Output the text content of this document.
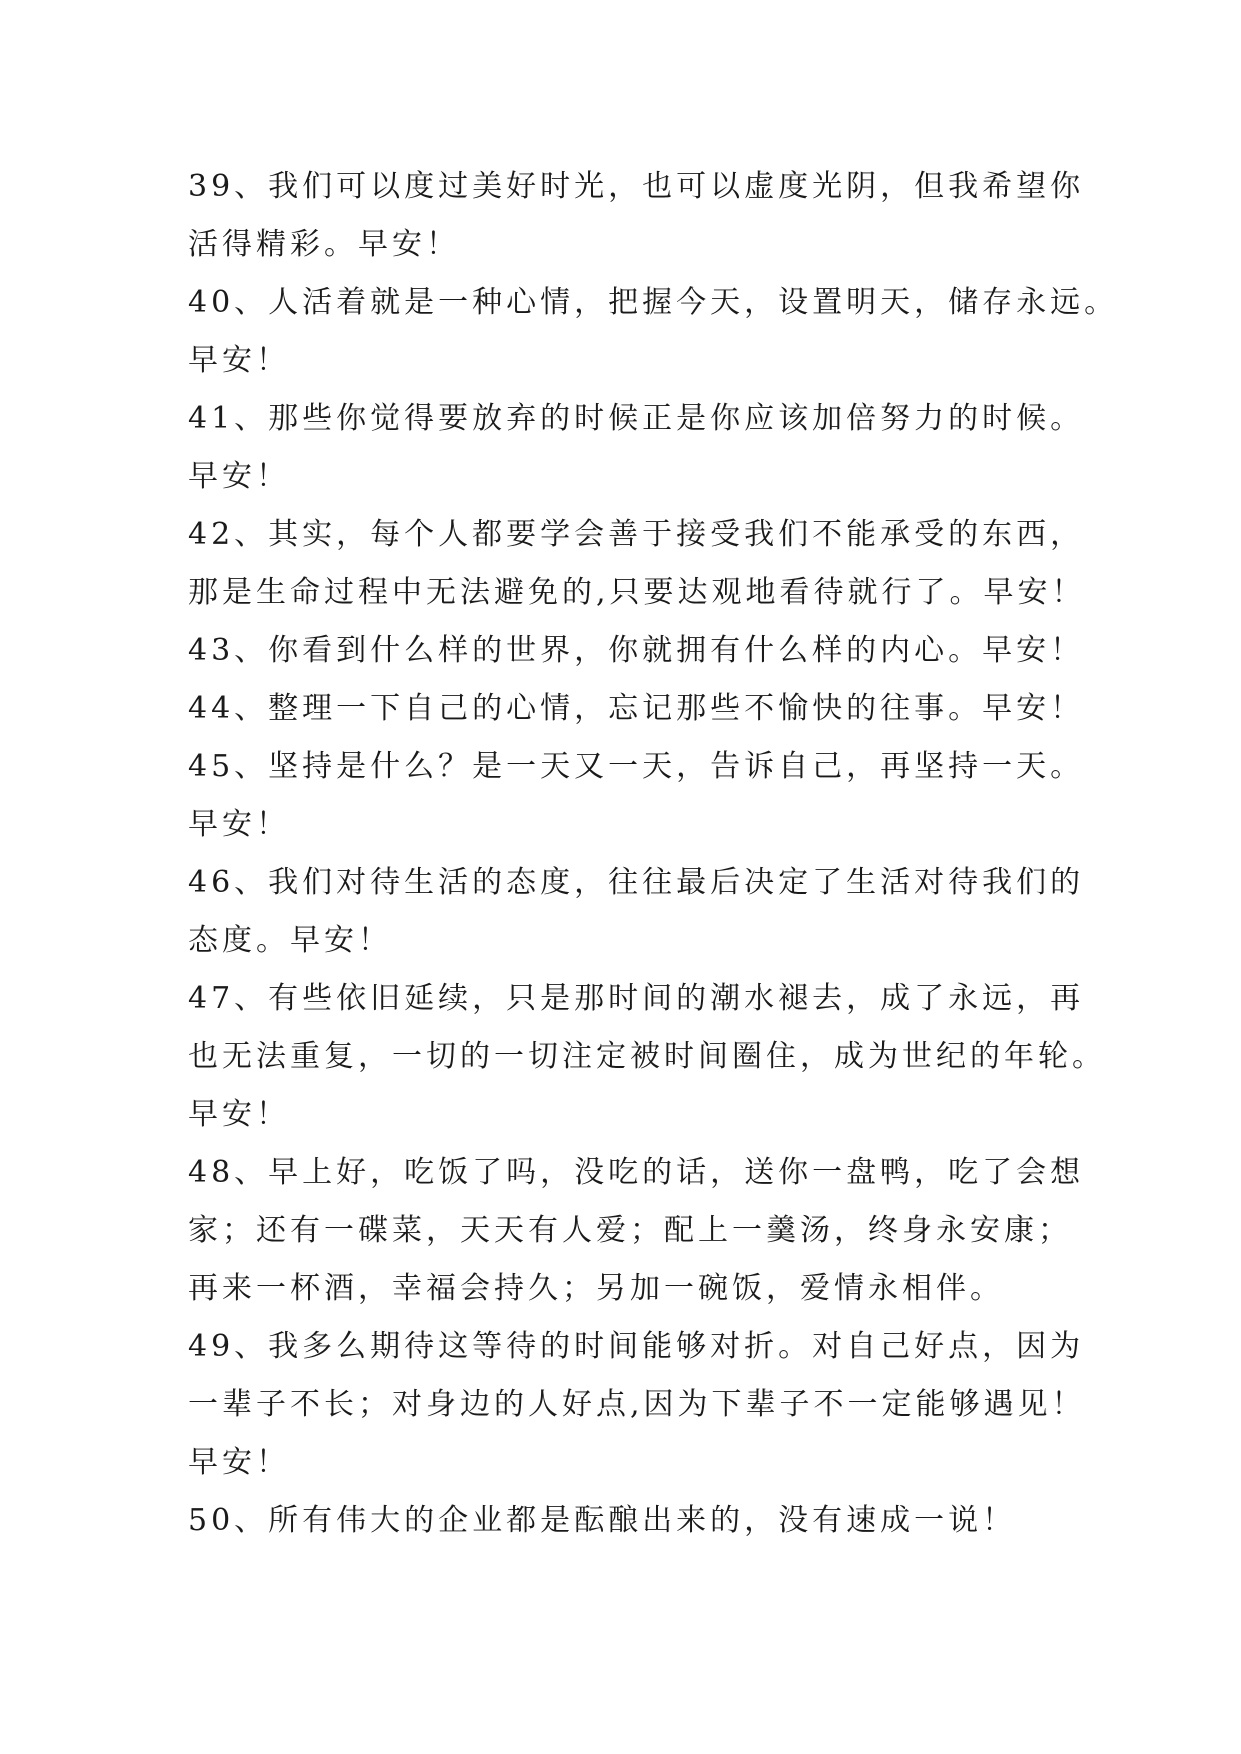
39、我们可以度过美好时光，也可以虚度光阴，但我希望你
活得精彩。早安！
40、人活着就是一种心情，把握今天，设置明天，储存永远。
早安！
41、那些你觉得要放弃的时候正是你应该加倍努力的时候。
早安！
42、其实，每个人都要学会善于接受我们不能承受的东西，
那是生命过程中无法避免的,只要达观地看待就行了。早安！
43、你看到什么样的世界，你就拥有什么样的内心。早安！
44、整理一下自己的心情，忘记那些不愉快的往事。早安！
45、坚持是什么？是一天又一天，告诉自己，再坚持一天。
早安！
46、我们对待生活的态度，往往最后决定了生活对待我们的
态度。早安！
47、有些依旧延续，只是那时间的潮水褪去，成了永远，再
也无法重复，一切的一切注定被时间圈住，成为世纪的年轮。
早安！
48、早上好，吃饭了吗，没吃的话，送你一盘鸭，吃了会想
家；还有一碟菜，天天有人爱；配上一羹汤，终身永安康；
再来一杯酒，幸福会持久；另加一碗饭，爱情永相伴。
49、我多么期待这等待的时间能够对折。对自己好点，因为
一辈子不长；对身边的人好点,因为下辈子不一定能够遇见！
早安！
50、所有伟大的企业都是酝酿出来的，没有速成一说！
